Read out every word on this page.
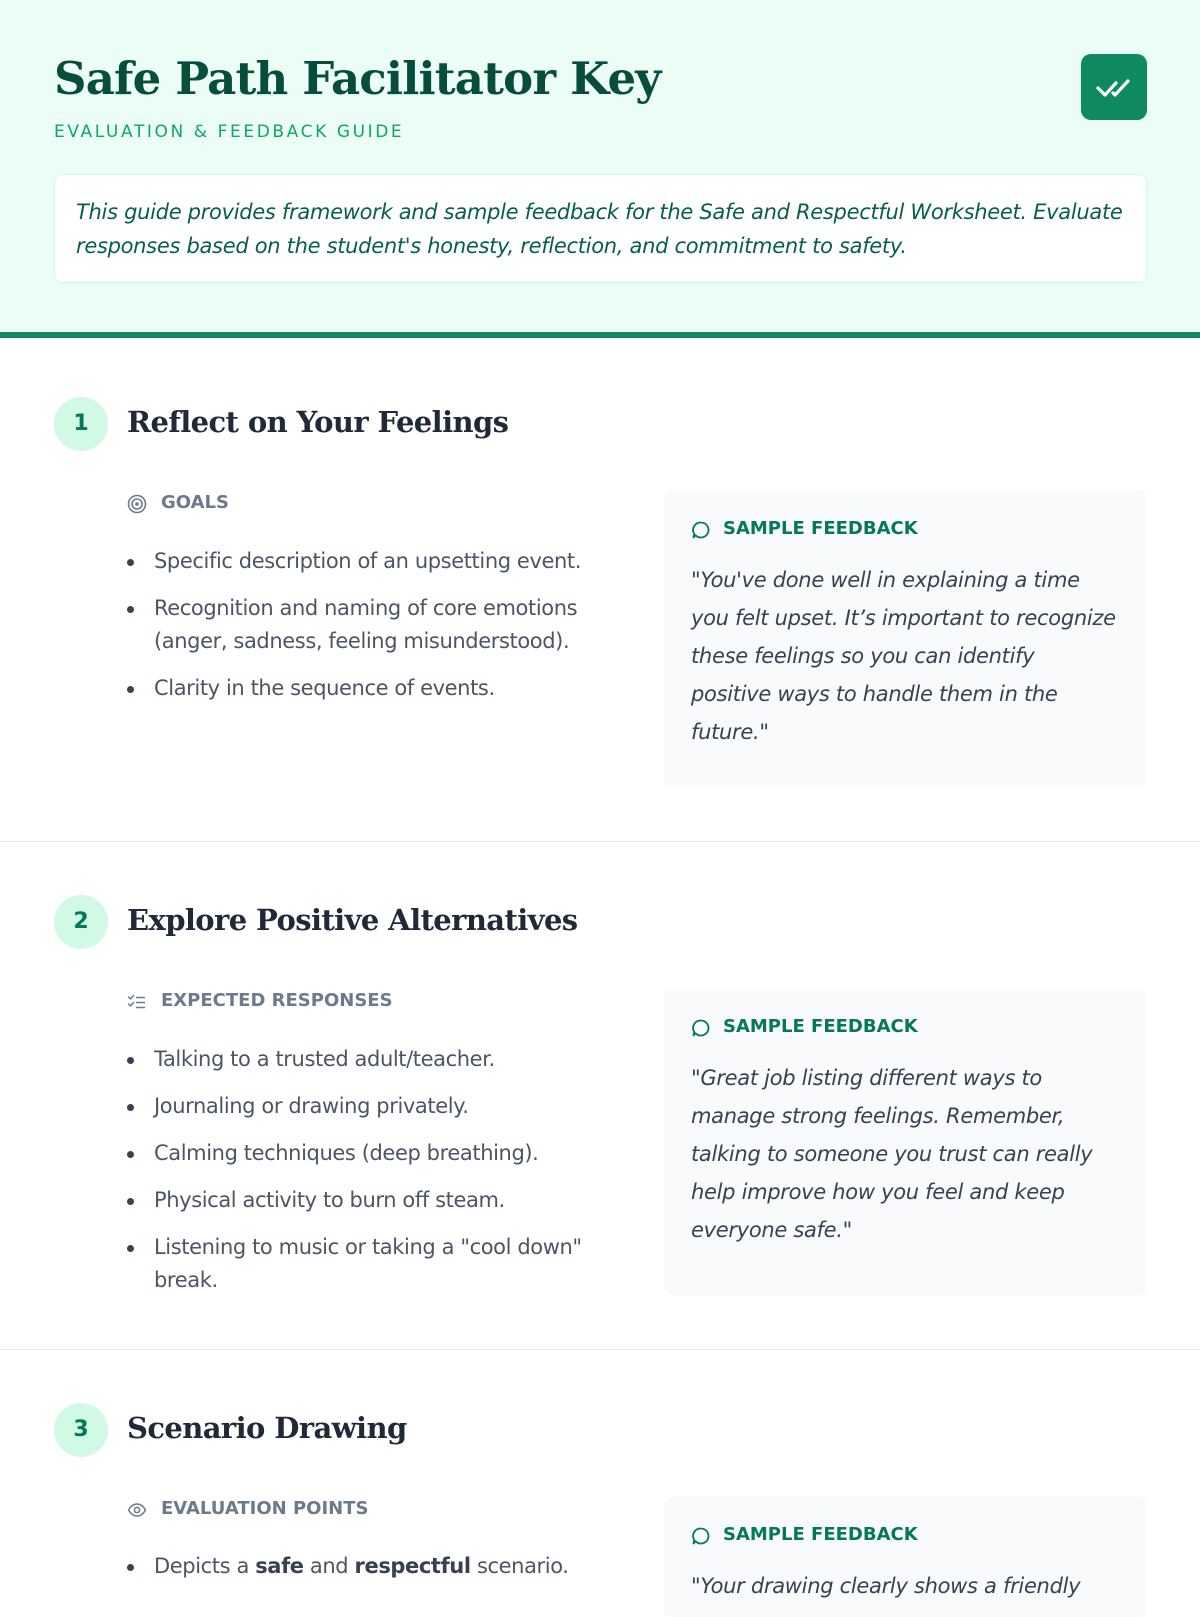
Safe Path Facilitator Key
EVALUATION & FEEDBACK GUIDE
This guide provides framework and sample feedback for the Safe and Respectful Worksheet. Evaluate responses based on the student's honesty, reflection, and commitment to safety.
1	Reflect on Your Feelings
GOALS
Specific description of an upsetting event.
Recognition and naming of core emotions (anger, sadness, feeling misunderstood).
Clarity in the sequence of events.
SAMPLE FEEDBACK
"You've done well in explaining a time you felt upset. It’s important to recognize these feelings so you can identify positive ways to handle them in the future."
2	Explore Positive Alternatives
EXPECTED RESPONSES
Talking to a trusted adult/teacher.
Journaling or drawing privately.
Calming techniques (deep breathing).
Physical activity to burn off steam.
Listening to music or taking a "cool down" break.
SAMPLE FEEDBACK
"Great job listing different ways to manage strong feelings. Remember, talking to someone you trust can really help improve how you feel and keep everyone safe."
3	Scenario Drawing
EVALUATION POINTS
Depicts a safe and respectful scenario.
SAMPLE FEEDBACK
"Your drawing clearly shows a friendly
